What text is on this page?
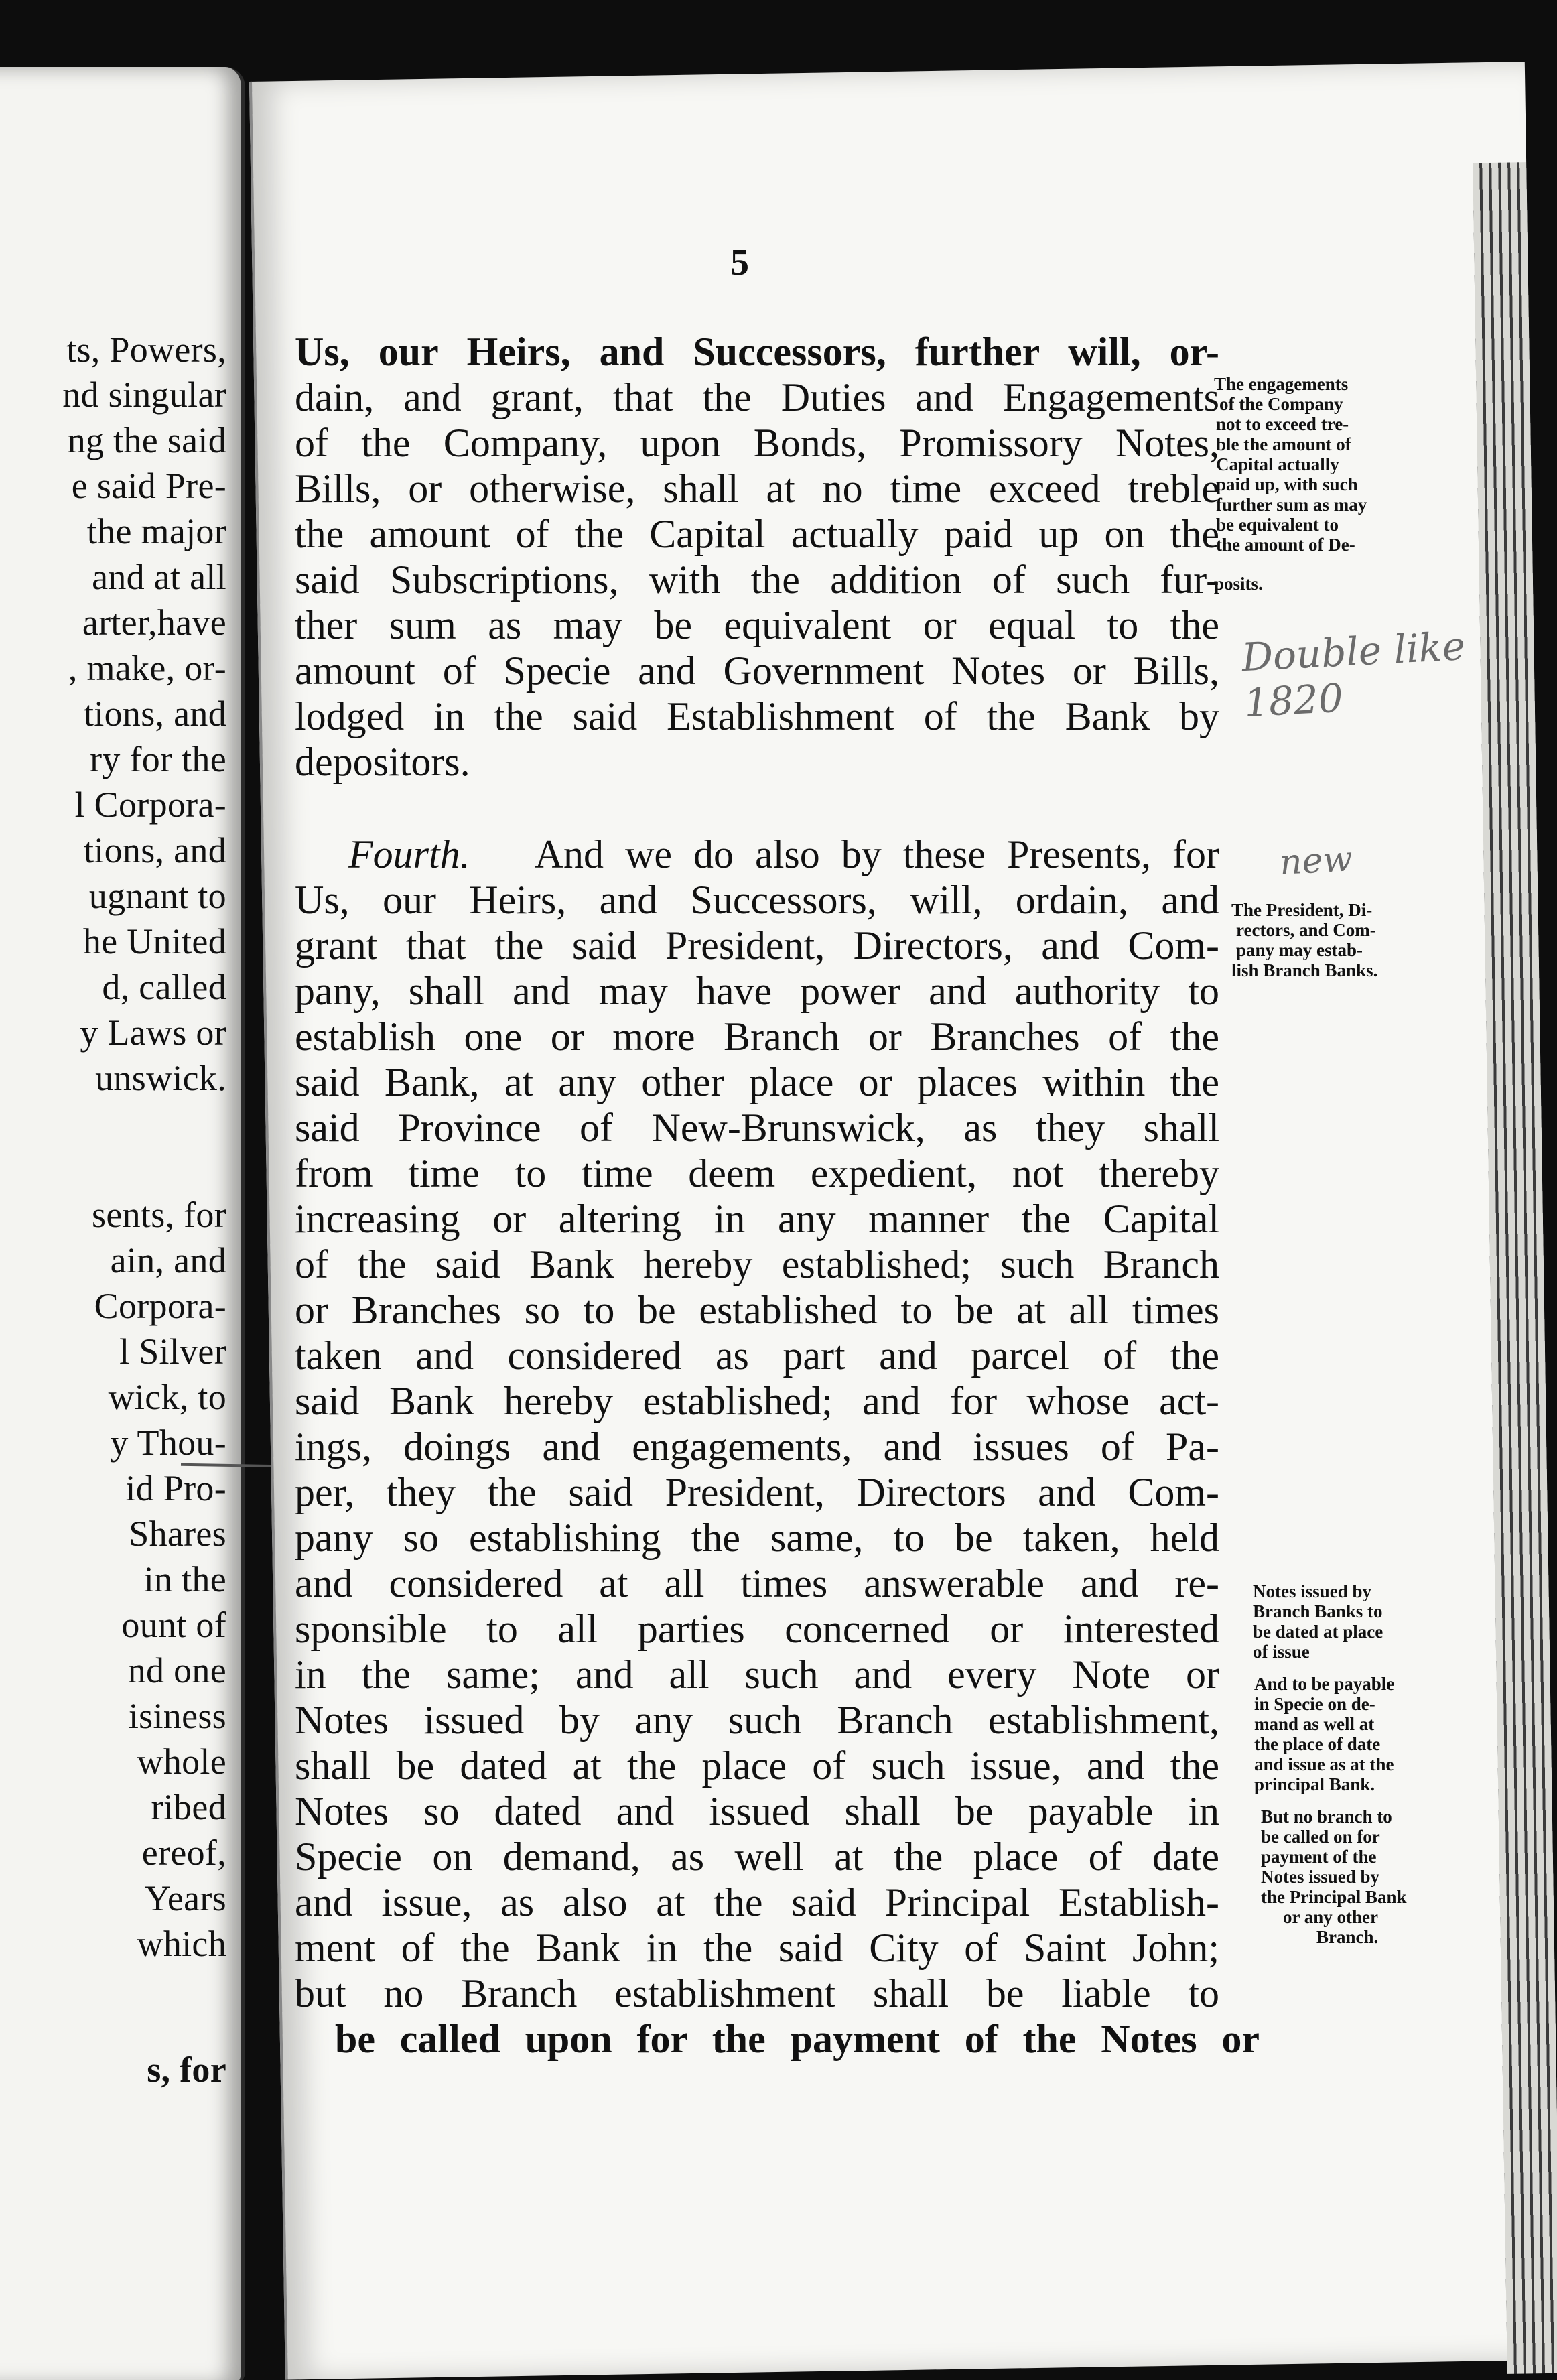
ts, Powers,
nd singular
ng the said
e said Pre-
the major
and at all
arter,have
, make, or-
tions, and
ry for the
l Corpora-
tions, and
ugnant to
he United
d, called
y Laws or
unswick.
sents, for
ain, and
Corpora-
l Silver
wick, to
y Thou-
id Pro-
Shares
in the
ount of
nd one
isiness
whole
ribed
ereof,
Years
which
s, for
5
Us, our Heirs, and Successors, further will, or-
dain, and grant, that the Duties and Engagements
of the Company, upon Bonds, Promissory Notes,
Bills, or otherwise, shall at no time exceed treble
the amount of the Capital actually paid up on the
said Subscriptions, with the addition of such fur-
ther sum as may be equivalent or equal to the
amount of Specie and Government Notes or Bills,
lodged in the said Establishment of the Bank by
depositors.
Fourth. And we do also by these Presents, for
Us, our Heirs, and Successors, will, ordain, and
grant that the said President, Directors, and Com-
pany, shall and may have power and authority to
establish one or more Branch or Branches of the
said Bank, at any other place or places within the
said Province of New-Brunswick, as they shall
from time to time deem expedient, not thereby
increasing or altering in any manner the Capital
of the said Bank hereby established; such Branch
or Branches so to be established to be at all times
taken and considered as part and parcel of the
said Bank hereby established; and for whose act-
ings, doings and engagements, and issues of Pa-
per, they the said President, Directors and Com-
pany so establishing the same, to be taken, held
and considered at all times answerable and re-
sponsible to all parties concerned or interested
in the same; and all such and every Note or
Notes issued by any such Branch establishment,
shall be dated at the place of such issue, and the
Notes so dated and issued shall be payable in
Specie on demand, as well at the place of date
and issue, as also at the said Principal Establish-
ment of the Bank in the said City of Saint John;
but no Branch establishment shall be liable to
be called upon for the payment of the Notes or
The engagements
of the Company
not to exceed tre-
ble the amount of
Capital actually
paid up, with such
further sum as may
be equivalent to
the amount of De-
posits.
Double like 1820
new
The President, Di-
rectors, and Com-
pany may estab-
lish Branch Banks.
Notes issued by
Branch Banks to
be dated at place
of issue
And to be payable
in Specie on de-
mand as well at
the place of date
and issue as at the
principal Bank.
But no branch to
be called on for
payment of the
Notes issued by
the Principal Bank
or any other
Branch.
